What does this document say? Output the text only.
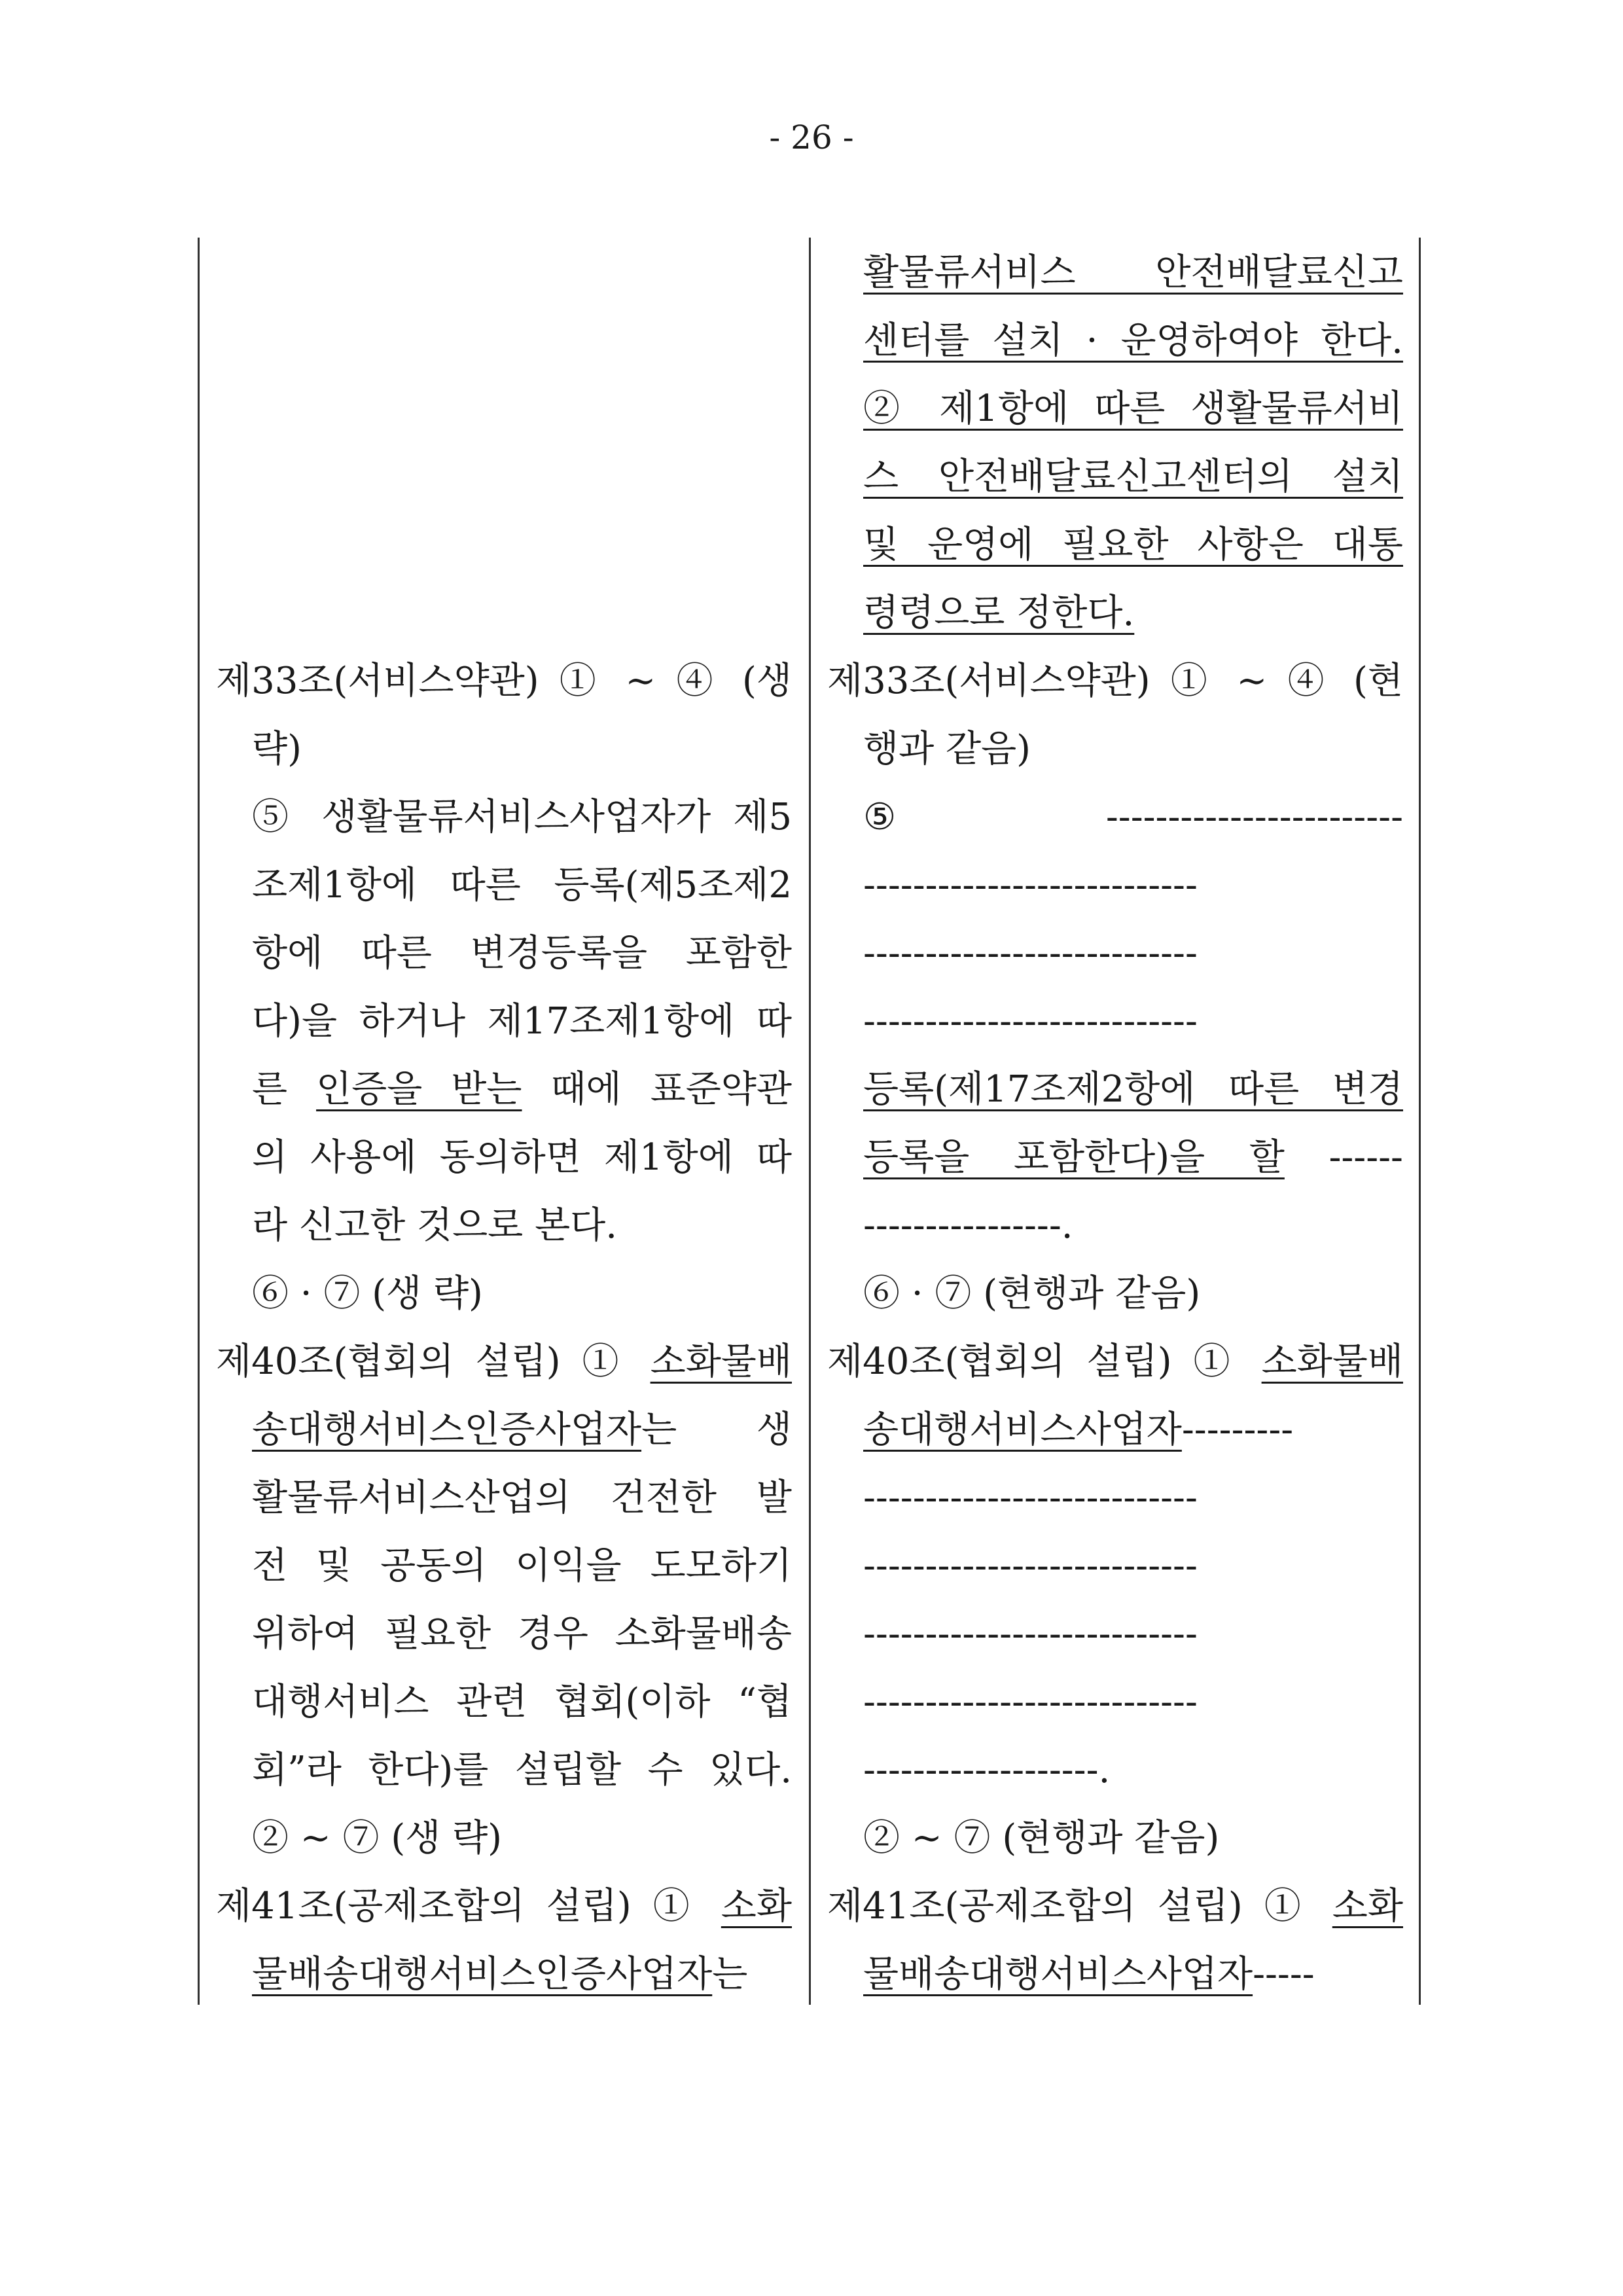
- 26 -

제33조(서비스약관) ① ~ ④ (생
략)
⑤ 생활물류서비스사업자가 제5
조제1항에 따른 등록(제5조제2
항에 따른 변경등록을 포함한
다)을 하거나 제17조제1항에 따
른 인증을 받는 때에 표준약관
의 사용에 동의하면 제1항에 따
라 신고한 것으로 본다.
⑥ · ⑦ (생 략)
제40조(협회의 설립) ① 소화물배
송대행서비스인증사업자는 생
활물류서비스산업의 건전한 발
전 및 공동의 이익을 도모하기
위하여 필요한 경우 소화물배송
대행서비스 관련 협회(이하 “협
회”라 한다)를 설립할 수 있다.
② ~ ⑦ (생 략)
제41조(공제조합의 설립) ① 소화
물배송대행서비스인증사업자는
활물류서비스 안전배달료신고
센터를 설치 · 운영하여야 한다.
② 제1항에 따른 생활물류서비
스 안전배달료신고센터의 설치
및 운영에 필요한 사항은 대통
령령으로 정한다.
제33조(서비스약관) ① ~ ④ (현
행과 같음)
⑤ ------------------------
---------------------------
---------------------------
---------------------------
등록(제17조제2항에 따른 변경
등록을 포함한다)을 할 ------
----------------.
⑥ · ⑦ (현행과 같음)
제40조(협회의 설립) ① 소화물배
송대행서비스사업자---------
---------------------------
---------------------------
---------------------------
---------------------------
-------------------.
② ~ ⑦ (현행과 같음)
제41조(공제조합의 설립) ① 소화
물배송대행서비스사업자-----
